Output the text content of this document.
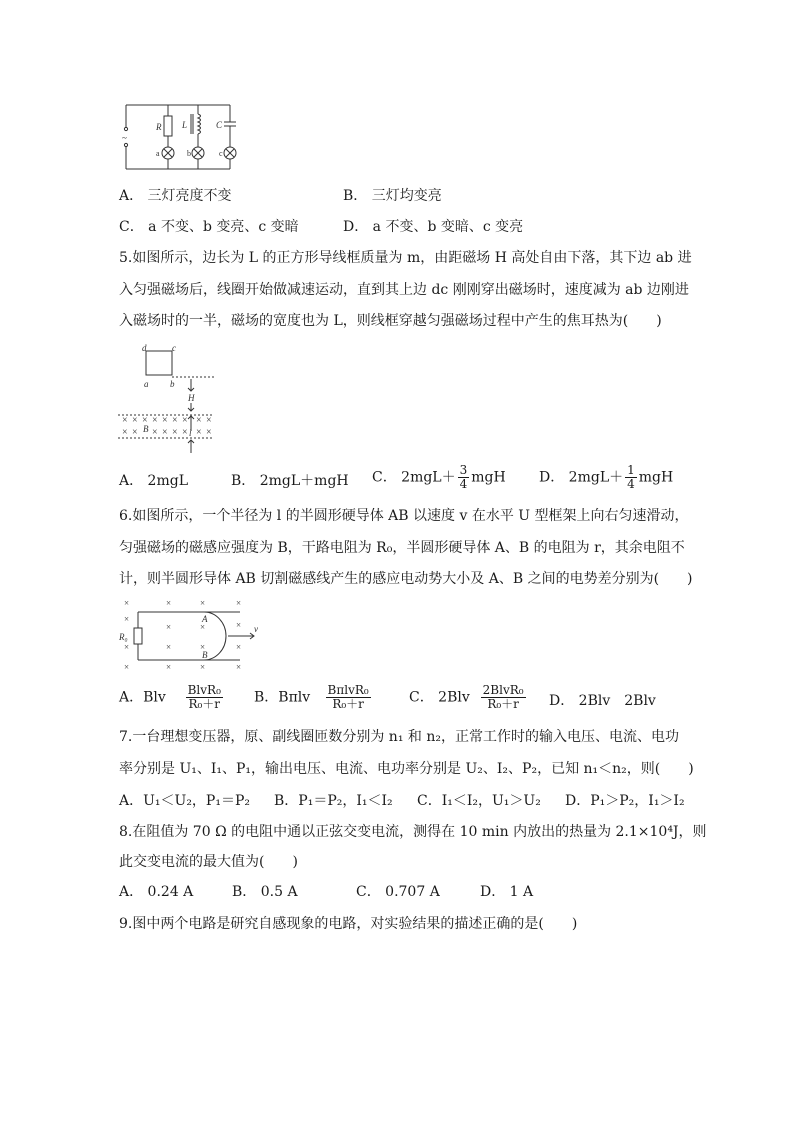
~
R L	C
a	b	c
A． 三灯亮度不变	B． 三灯均变亮
C． a 不变、b 变亮、c 变暗	D． a 不变、b 变暗、c 变亮
5.如图所示，边长为 L 的正方形导线框质量为 m，由距磁场 H 高处自由下落，其下边 ab 进
入匀强磁场后，线圈开始做减速运动，直到其上边 dc 刚刚穿出磁场时，速度减为 ab 边刚进
入磁场时的一半，磁场的宽度也为 L，则线框穿越匀强磁场过程中产生的焦耳热为(　　)
× × × × × × × × ×
× × × × × × × ×
d	c
a b
H
B	l
A． 2mgL	B． 2mgL＋mgH C． $2mgL+ \frac{3}{4}$ mgH D． $2mgL+ \frac{1}{4}$ mgH
6.如图所示，一个半径为 l 的半圆形硬导体 AB 以速度 v 在水平 U 型框架上向右匀速滑动，
匀强磁场的磁感应强度为 B，干路电阻为 R₀，半圆形硬导体 A、B 的电阻为 r，其余电阻不
计，则半圆形导体 AB 切割磁感线产生的感应电动势大小及 A、B 之间的电势差分别为(　　)
×	×	×	×
×	×	×
×	×	×	×
×	×	×	×
×
R₀
A
B
v
A．Blv $\frac{\text{BlvR₀}}{\text{R₀＋r}}$ B．Bπlv $\frac{\text{BπlvR₀}}{\text{R₀＋r}}$	C． $2Blv \frac{\text{2BlvR₀}}{\text{R₀＋r}}$ D． 2Blv　2Blv
7.一台理想变压器，原、副线圈匝数分别为 n₁ 和 n₂，正常工作时的输入电压、电流、电功
率分别是 U₁、I₁、P₁，输出电压、电流、电功率分别是 U₂、I₂、P₂，已知 n₁＜n₂，则(　　)
A．U₁＜U₂，P₁＝P₂ B．P₁＝P₂，I₁＜I₂ C．I₁＜I₂，U₁＞U₂ D．P₁＞P₂，I₁＞I₂
8.在阻值为 70 Ω 的电阻中通以正弦交变电流，测得在 10 min 内放出的热量为 2.1×10⁴J，则
此交变电流的最大值为(　　)
A． 0.24 A	B． 0.5 A	C． 0.707 A	D． 1 A
9.图中两个电路是研究自感现象的电路，对实验结果的描述正确的是(　　)
